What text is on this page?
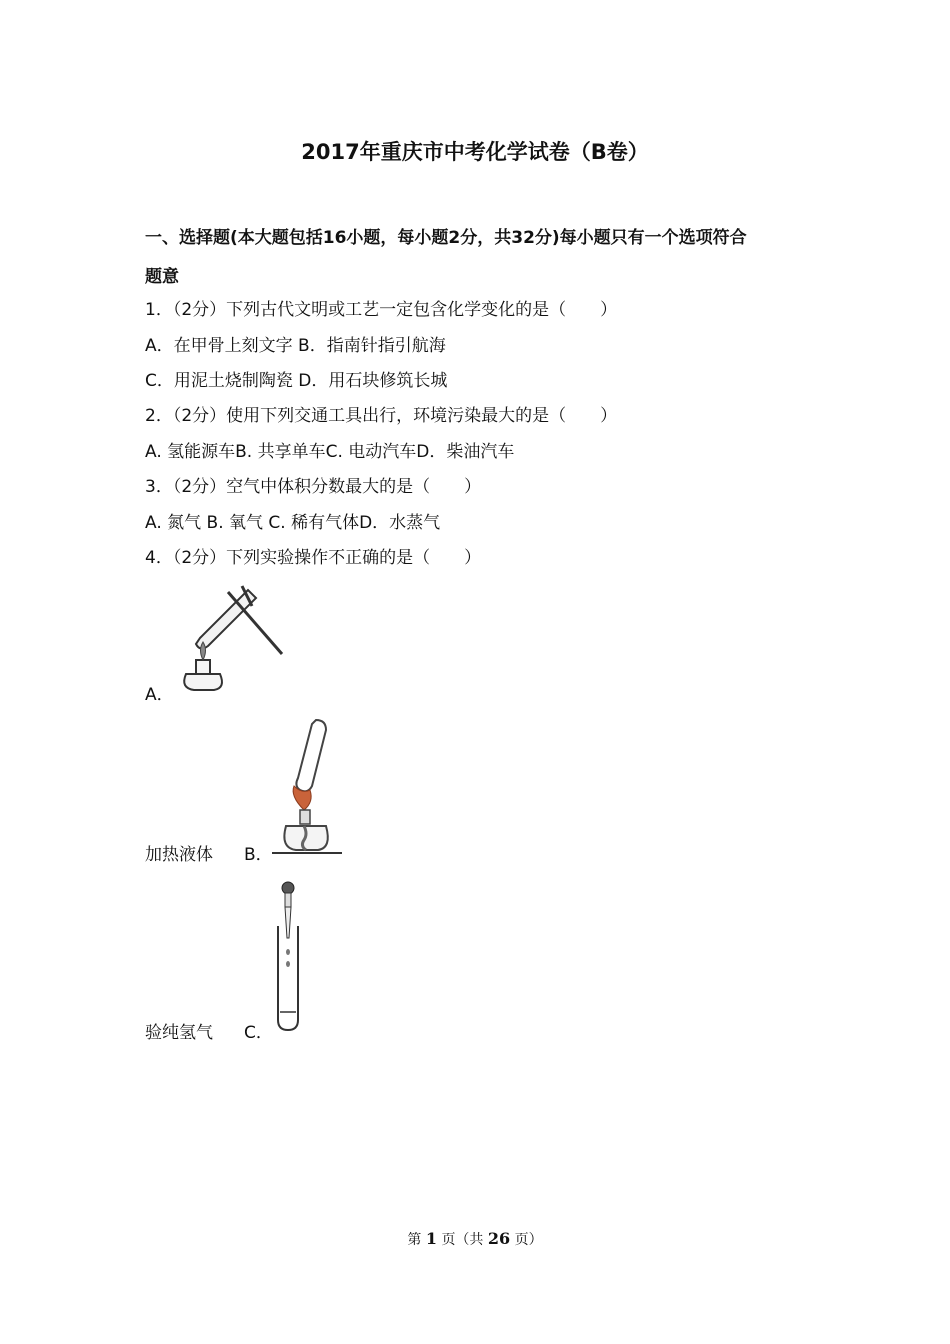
2017年重庆市中考化学试卷（B卷）
一、选择题(本大题包括16小题，每小题2分，共32分)每小题只有一个选项符合
题意
1．（2分）下列古代文明或工艺一定包含化学变化的是（　　）
A．在甲骨上刻文字 B．指南针指引航海
C．用泥土烧制陶瓷 D．用石块修筑长城
2．（2分）使用下列交通工具出行，环境污染最大的是（　　）
A. 氢能源车B. 共享单车C. 电动汽车D．柴油汽车
3．（2分）空气中体积分数最大的是（　　）
A. 氮气 B. 氧气 C. 稀有气体D．水蒸气
4．（2分）下列实验操作不正确的是（　　）
A．
加热液体 B．
验纯氢气 C．
第 1 页（共 26 页）
